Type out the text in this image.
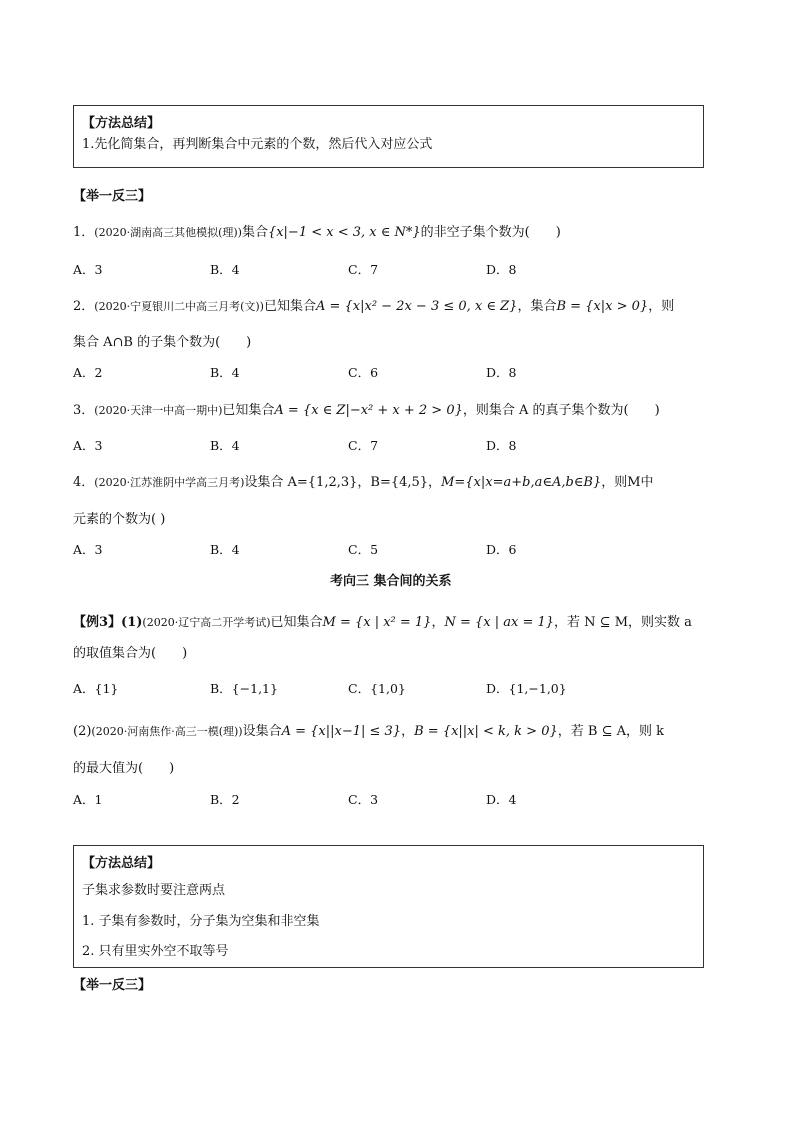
【方法总结】
1.先化简集合，再判断集合中元素的个数，然后代入对应公式
【举一反三】
1．(2020·湖南高三其他模拟(理))集合{x|−1 < x < 3, x ∈ N*}的非空子集个数为(　　)
A．3	B．4	C．7	D．8
2．(2020·宁夏银川二中高三月考(文))已知集合A = {x|x² − 2x − 3 ≤ 0, x ∈ Z}，集合B = {x|x > 0}，则
集合 A∩B 的子集个数为(　　)
A．2	B．4	C．6	D．8
3．(2020·天津一中高一期中)已知集合A = {x ∈ Z|−x² + x + 2 > 0}，则集合 A 的真子集个数为(　　)
A．3	B．4	C．7	D．8
4．(2020·江苏淮阴中学高三月考)设集合 A={1,2,3}，B={4,5}，M={x|x=a+b,a∈A,b∈B}，则M中
元素的个数为( )
A．3	B．4	C．5	D．6
考向三 集合间的关系
【例3】(1)(2020·辽宁高二开学考试)已知集合M = {x | x² = 1}，N = {x | ax = 1}，若 N ⊆ M，则实数 a
的取值集合为(　　)
A．{1}	B．{−1,1}	C．{1,0}	D．{1,−1,0}
(2)(2020·河南焦作·高三一模(理))设集合A = {x||x−1| ≤ 3}，B = {x||x| < k, k > 0}，若 B ⊆ A，则 k
的最大值为(　　)
A．1	B．2	C．3	D．4
【方法总结】
子集求参数时要注意两点
1. 子集有参数时，分子集为空集和非空集
2. 只有里实外空不取等号
【举一反三】
